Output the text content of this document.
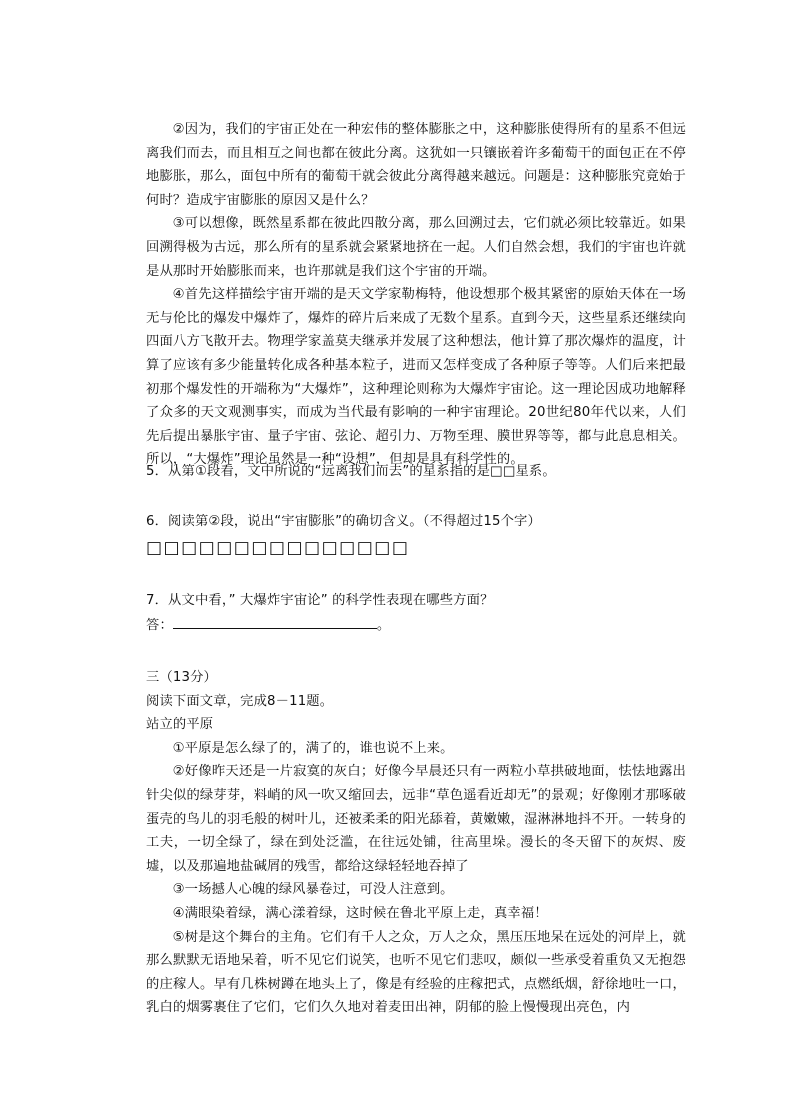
②因为，我们的宇宙正处在一种宏伟的整体膨胀之中，这种膨胀使得所有的星系不但远离我们而去，而且相互之间也都在彼此分离。这犹如一只镶嵌着许多葡萄干的面包正在不停地膨胀，那么，面包中所有的葡萄干就会彼此分离得越来越远。问题是：这种膨胀究竟始于何时？造成宇宙膨胀的原因又是什么？

③可以想像，既然星系都在彼此四散分离，那么回溯过去，它们就必须比较靠近。如果回溯得极为古远，那么所有的星系就会紧紧地挤在一起。人们自然会想，我们的宇宙也许就是从那时开始膨胀而来，也许那就是我们这个宇宙的开端。

④首先这样描绘宇宙开端的是天文学家勒梅特，他设想那个极其紧密的原始天体在一场无与伦比的爆发中爆炸了，爆炸的碎片后来成了无数个星系。直到今天，这些星系还继续向四面八方飞散开去。物理学家盖莫夫继承并发展了这种想法，他计算了那次爆炸的温度，计算了应该有多少能量转化成各种基本粒子，进而又怎样变成了各种原子等等。人们后来把最初那个爆发性的开端称为“大爆炸”，这种理论则称为大爆炸宇宙论。这一理论因成功地解释了众多的天文观测事实，而成为当代最有影响的一种宇宙理论。20世纪80年代以来，人们先后提出暴胀宇宙、量子宇宙、弦论、超引力、万物至理、膜世界等等，都与此息息相关。所以，“大爆炸”理论虽然是一种“设想”，但却是具有科学性的。

5．从第①段看，文中所说的“远离我们而去”的星系指的是□□星系。

6．阅读第②段，说出“宇宙膨胀”的确切含义。（不得超过15个字）

□□□□□□□□□□□□□□□

7．从文中看，” 大爆炸宇宙论” 的科学性表现在哪些方面？

答：	。

三（13分）

阅读下面文章，完成8－11题。

站立的平原

①平原是怎么绿了的，满了的，谁也说不上来。

②好像昨天还是一片寂寞的灰白；好像今早晨还只有一两粒小草拱破地面，怯怯地露出针尖似的绿芽芽，料峭的风一吹又缩回去，远非“草色遥看近却无”的景观；好像刚才那啄破蛋壳的鸟儿的羽毛般的树叶儿，还被柔柔的阳光舔着，黄嫩嫩，湿淋淋地抖不开。一转身的工夫，一切全绿了，绿在到处泛滥，在往远处铺，往高里垛。漫长的冬天留下的灰烬、废墟，以及那遍地盐碱屑的残雪，都给这绿轻轻地吞掉了

③一场撼人心魄的绿风暴卷过，可没人注意到。

④满眼染着绿，满心漾着绿，这时候在鲁北平原上走，真幸福！

⑤树是这个舞台的主角。它们有千人之众，万人之众，黑压压地呆在远处的河岸上，就那么默默无语地呆着，听不见它们说笑，也听不见它们悲叹，颇似一些承受着重负又无抱怨的庄稼人。早有几株树蹲在地头上了，像是有经验的庄稼把式，点燃纸烟，舒徐地吐一口，乳白的烟雾裹住了它们，它们久久地对着麦田出神，阴郁的脸上慢慢现出亮色，内
